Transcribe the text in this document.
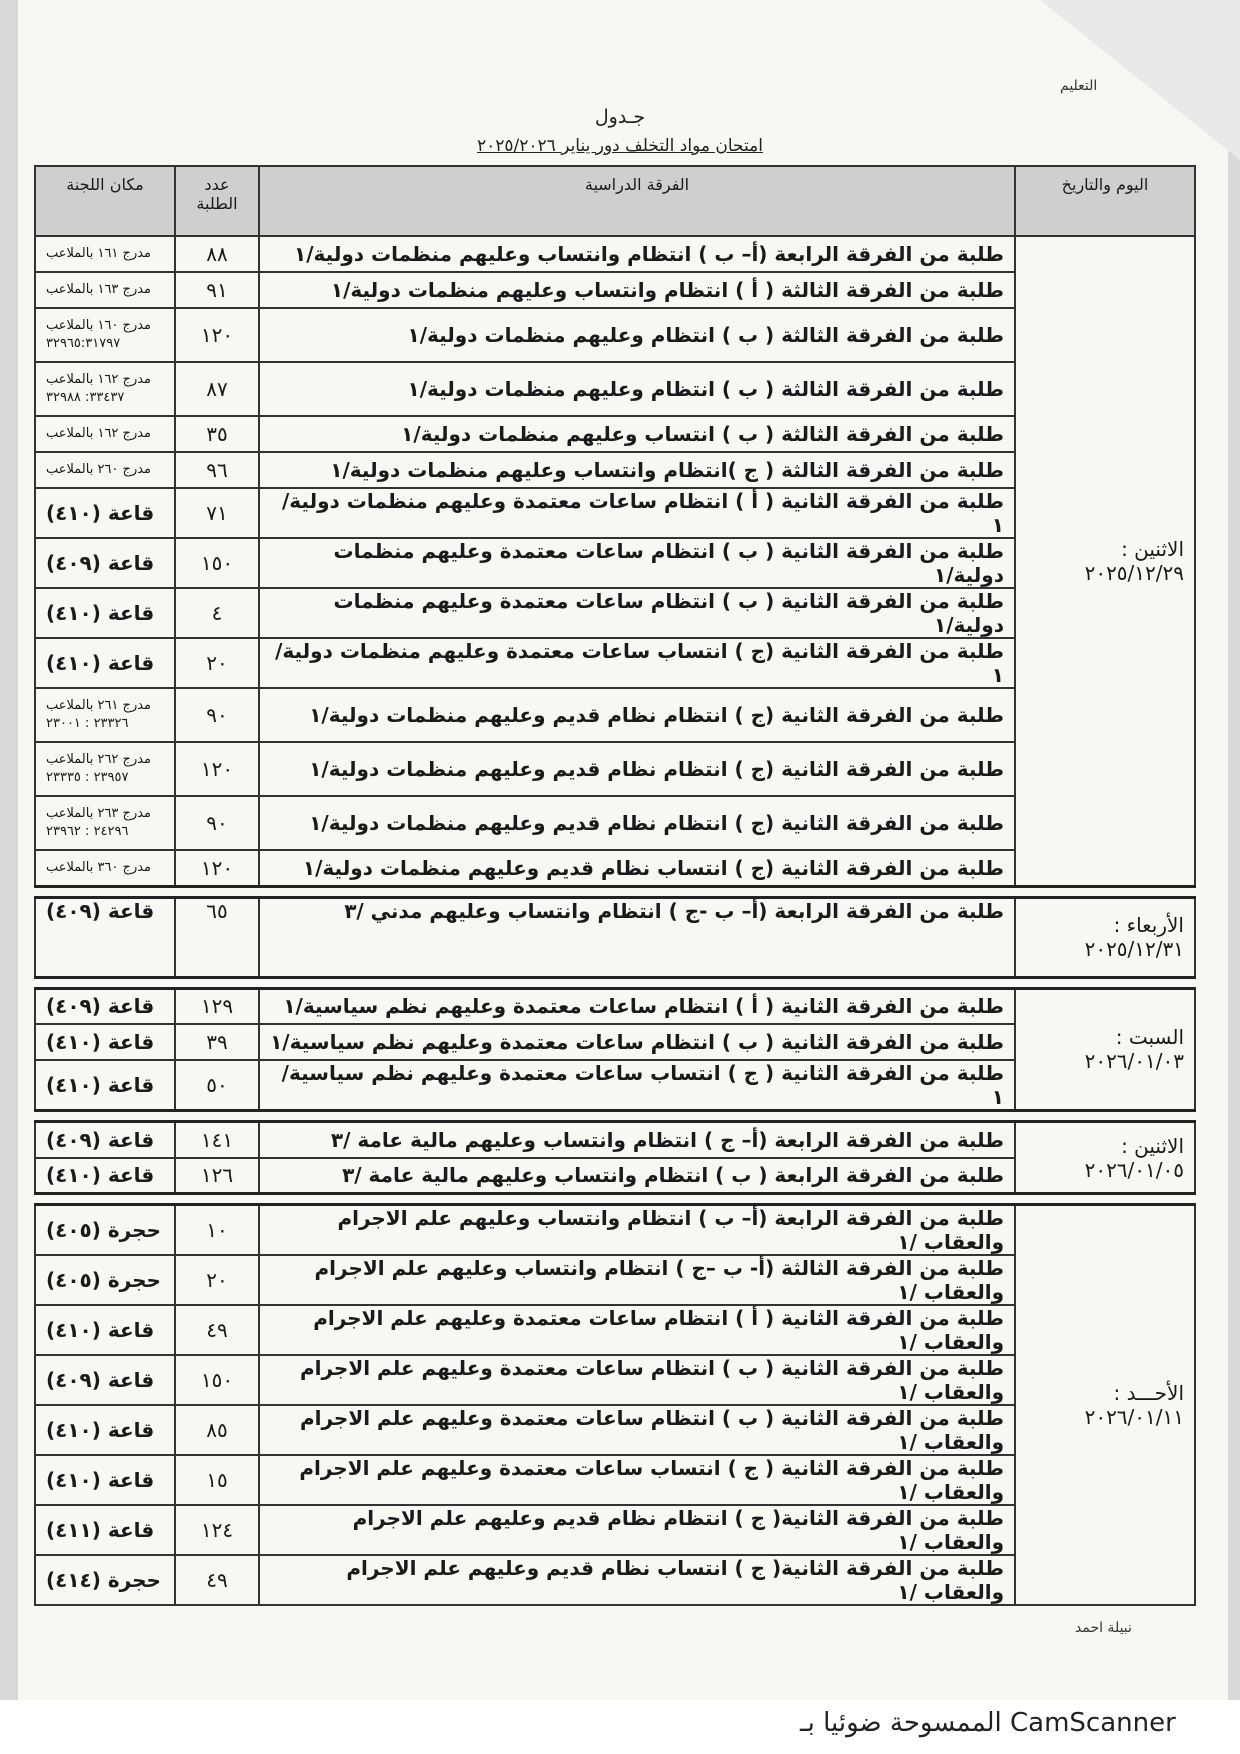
التعليم
جـدول
امتحان مواد التخلف دور يناير ٢٠٢٥/٢٠٢٦
مكان اللجنة	عدد الطلبة	الفرقة الدراسية	اليوم والتاريخ

مدرج ١٦١ بالملاعب	٨٨	طلبة من الفرقة الرابعة (أ– ب ) انتظام وانتساب وعليهم منظمات دولية/١	الاثنين :
٢٠٢٥/١٢/٢٩

مدرج ١٦٣ بالملاعب	٩١	طلبة من الفرقة الثالثة ( أ ) انتظام وانتساب وعليهم منظمات دولية/١	

مدرج ١٦٠ بالملاعب
٣٢٩٦٥:٣١٧٩٧	١٢٠	طلبة من الفرقة الثالثة ( ب ) انتظام وعليهم منظمات دولية/١	

مدرج ١٦٢ بالملاعب
٣٣٤٣٧: ٣٢٩٨٨	٨٧	طلبة من الفرقة الثالثة ( ب ) انتظام وعليهم منظمات دولية/١	

مدرج ١٦٢ بالملاعب	٣٥	طلبة من الفرقة الثالثة ( ب ) انتساب وعليهم منظمات دولية/١	

مدرج ٢٦٠ بالملاعب	٩٦	طلبة من الفرقة الثالثة ( ج )انتظام وانتساب وعليهم منظمات دولية/١	

قاعة (٤١٠)	٧١	طلبة من الفرقة الثانية ( أ ) انتظام ساعات معتمدة وعليهم منظمات دولية/١	

قاعة (٤٠٩)	١٥٠	طلبة من الفرقة الثانية ( ب ) انتظام ساعات معتمدة وعليهم منظمات دولية/١	

قاعة (٤١٠)	٤	طلبة من الفرقة الثانية ( ب ) انتظام ساعات معتمدة وعليهم منظمات دولية/١	

قاعة (٤١٠)	٢٠	طلبة من الفرقة الثانية (ج ) انتساب ساعات معتمدة وعليهم منظمات دولية/١	

مدرج ٢٦١ بالملاعب
٢٣٣٢٦ : ٢٣٠٠١	٩٠	طلبة من الفرقة الثانية (ج ) انتظام نظام قديم وعليهم منظمات دولية/١	

مدرج ٢٦٢ بالملاعب
٢٣٩٥٧ : ٢٣٣٣٥	١٢٠	طلبة من الفرقة الثانية (ج ) انتظام نظام قديم وعليهم منظمات دولية/١	

مدرج ٢٦٣ بالملاعب
٢٤٢٩٦ : ٢٣٩٦٢	٩٠	طلبة من الفرقة الثانية (ج ) انتظام نظام قديم وعليهم منظمات دولية/١	

مدرج ٣٦٠ بالملاعب	١٢٠	طلبة من الفرقة الثانية (ج ) انتساب نظام قديم وعليهم منظمات دولية/١	

قاعة (٤٠٩)	٦٥	طلبة من الفرقة الرابعة (أ– ب -ج ) انتظام وانتساب وعليهم مدني /٣	الأربعاء :
٢٠٢٥/١٢/٣١

قاعة (٤٠٩)	١٢٩	طلبة من الفرقة الثانية ( أ ) انتظام ساعات معتمدة وعليهم نظم سياسية/١	السبت :
٢٠٢٦/٠١/٠٣

قاعة (٤١٠)	٣٩	طلبة من الفرقة الثانية ( ب ) انتظام ساعات معتمدة وعليهم نظم سياسية/١	

قاعة (٤١٠)	٥٠	طلبة من الفرقة الثانية ( ج ) انتساب ساعات معتمدة وعليهم نظم سياسية/١	

قاعة (٤٠٩)	١٤١	طلبة من الفرقة الرابعة (أ– ج ) انتظام وانتساب وعليهم مالية عامة /٣	الاثنين :
٢٠٢٦/٠١/٠٥

قاعة (٤١٠)	١٢٦	طلبة من الفرقة الرابعة ( ب ) انتظام وانتساب وعليهم مالية عامة /٣	

حجرة (٤٠٥)	١٠	طلبة من الفرقة الرابعة (أ– ب ) انتظام وانتساب وعليهم علم الاجرام والعقاب /١	الأحـــد :
٢٠٢٦/٠١/١١

حجرة (٤٠٥)	٢٠	طلبة من الفرقة الثالثة (أ- ب –ج ) انتظام وانتساب وعليهم علم الاجرام والعقاب /١	

قاعة (٤١٠)	٤٩	طلبة من الفرقة الثانية ( أ ) انتظام ساعات معتمدة وعليهم علم الاجرام والعقاب /١	

قاعة (٤٠٩)	١٥٠	طلبة من الفرقة الثانية ( ب ) انتظام ساعات معتمدة وعليهم علم الاجرام والعقاب /١	

قاعة (٤١٠)	٨٥	طلبة من الفرقة الثانية ( ب ) انتظام ساعات معتمدة وعليهم علم الاجرام والعقاب /١	

قاعة (٤١٠)	١٥	طلبة من الفرقة الثانية ( ج ) انتساب ساعات معتمدة وعليهم علم الاجرام والعقاب /١	

قاعة (٤١١)	١٢٤	طلبة من الفرقة الثانية( ج ) انتظام نظام قديم وعليهم علم الاجرام والعقاب /١	

حجرة (٤١٤)	٤٩	طلبة من الفرقة الثانية( ج ) انتساب نظام قديم وعليهم علم الاجرام والعقاب /١	
نبيلة احمد
الممسوحة ضوئيا بـ CamScanner
